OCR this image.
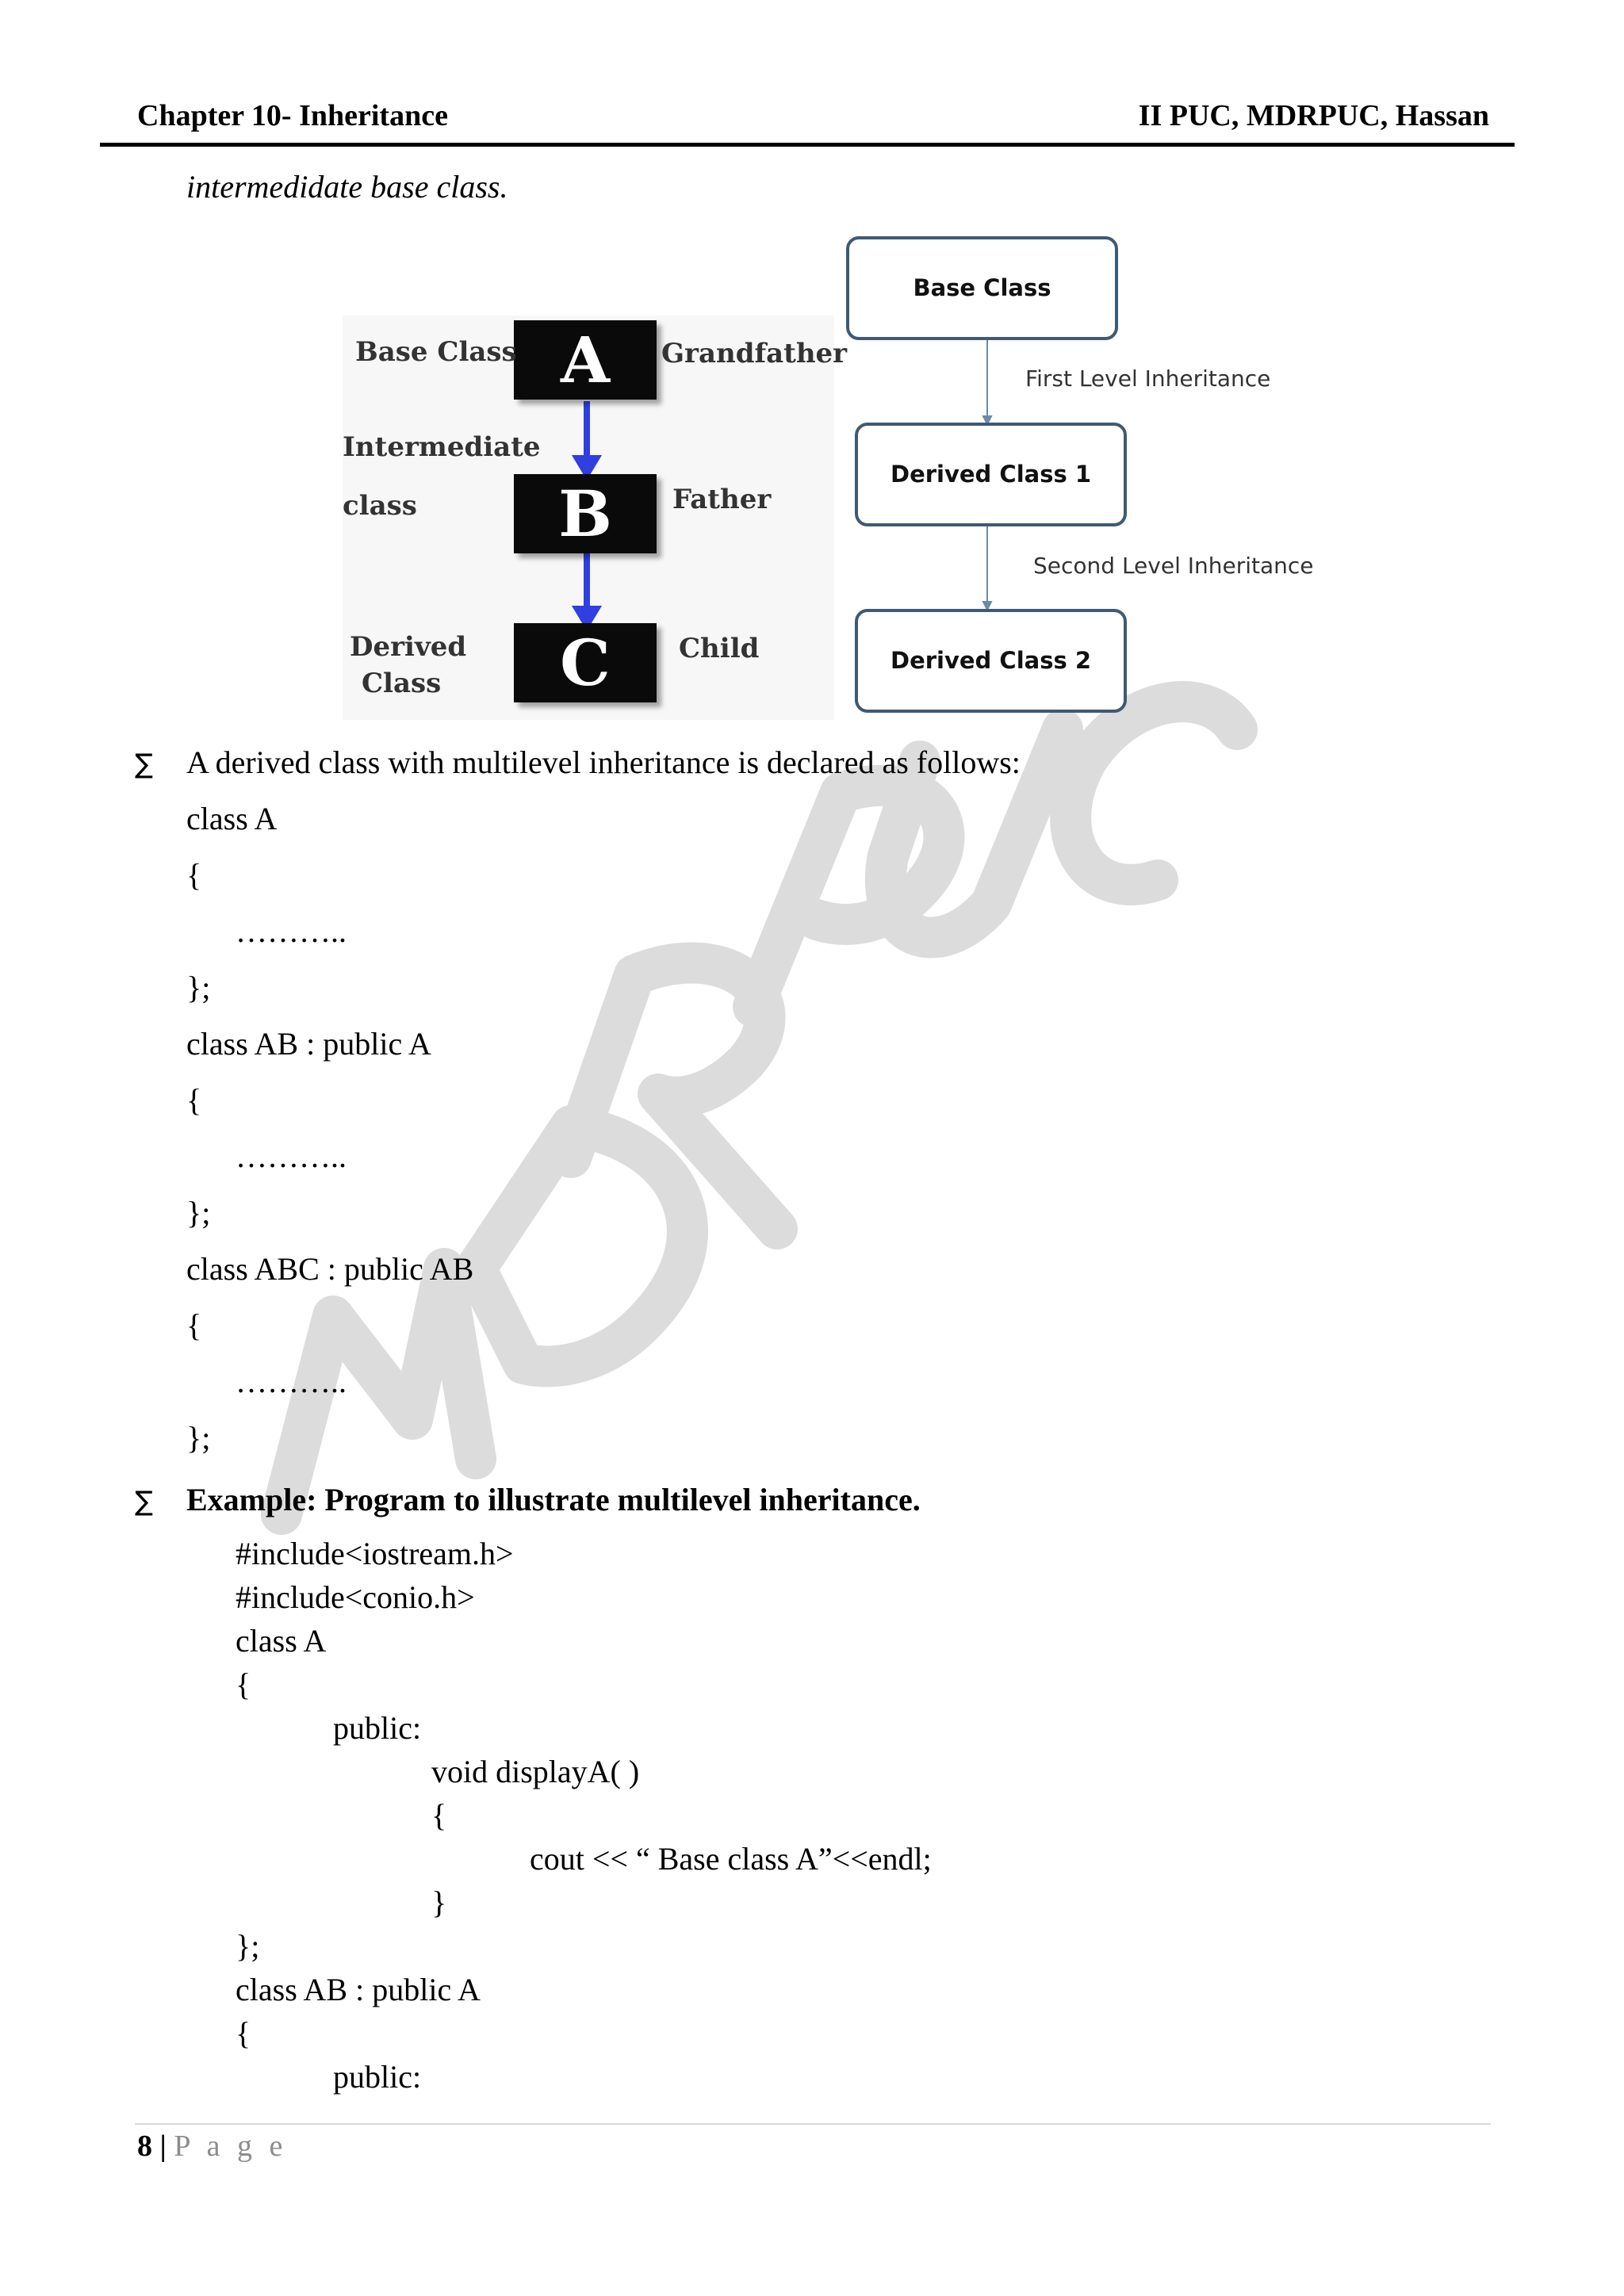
Chapter 10- Inheritance	II PUC, MDRPUC, Hassan
intermedidate base class.
A
B
C
Base Class	Grandfather
Intermediate
class	Father
Derived
Class
Child
Base Class
Derived Class 1
Derived Class 2
First Level Inheritance
Second Level Inheritance
∑ A derived class with multilevel inheritance is declared as follows:
class A
{
………..
};
class AB : public A
{
………..
};
class ABC : public AB
{
………..
};
∑ Example: Program to illustrate multilevel inheritance.
#include<iostream.h>
#include<conio.h>
class A
{
public:
void displayA( )
{
cout << “ Base class A”<<endl;
}
};
class AB : public A
{
public:
8 | P a g e
